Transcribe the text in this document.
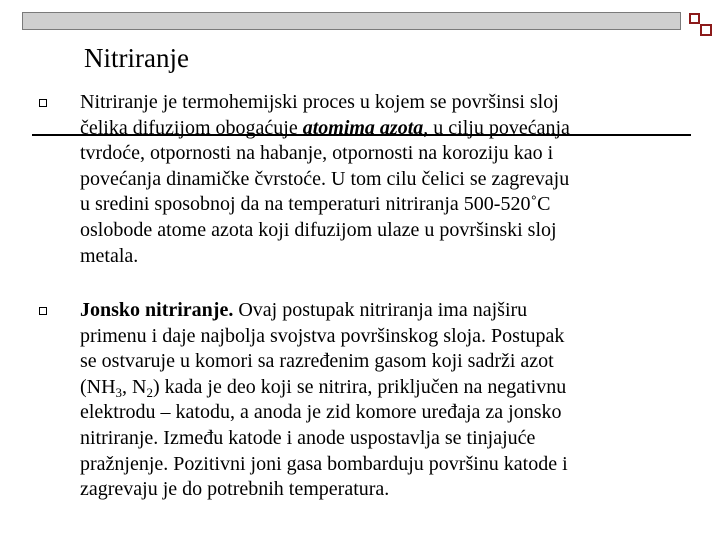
Nitriranje
Nitriranje je termohemijski proces u kojem se površinsi sloj
čelika difuzijom obogaćuje atomima azota, u cilju povećanja
tvrdoće, otpornosti na habanje, otpornosti na koroziju kao i
povećanja dinamičke čvrstoće. U tom cilu čelici se zagrevaju
u sredini sposobnoj da na temperaturi nitriranja 500-520˚C
oslobode atome azota koji difuzijom ulaze u površinski sloj
metala.
Jonsko nitriranje. Ovaj postupak nitriranja ima najširu
primenu i daje najbolja svojstva površinskog sloja. Postupak
se ostvaruje u komori sa razređenim gasom koji sadrži azot
($NH_3$, $N_2$) kada je deo koji se nitrira, priključen na negativnu
elektrodu – katodu, a anoda je zid komore uređaja za jonsko
nitriranje. Između katode i anode uspostavlja se tinjajuće
pražnjenje. Pozitivni joni gasa bombarduju površinu katode i
zagrevaju je do potrebnih temperatura.
